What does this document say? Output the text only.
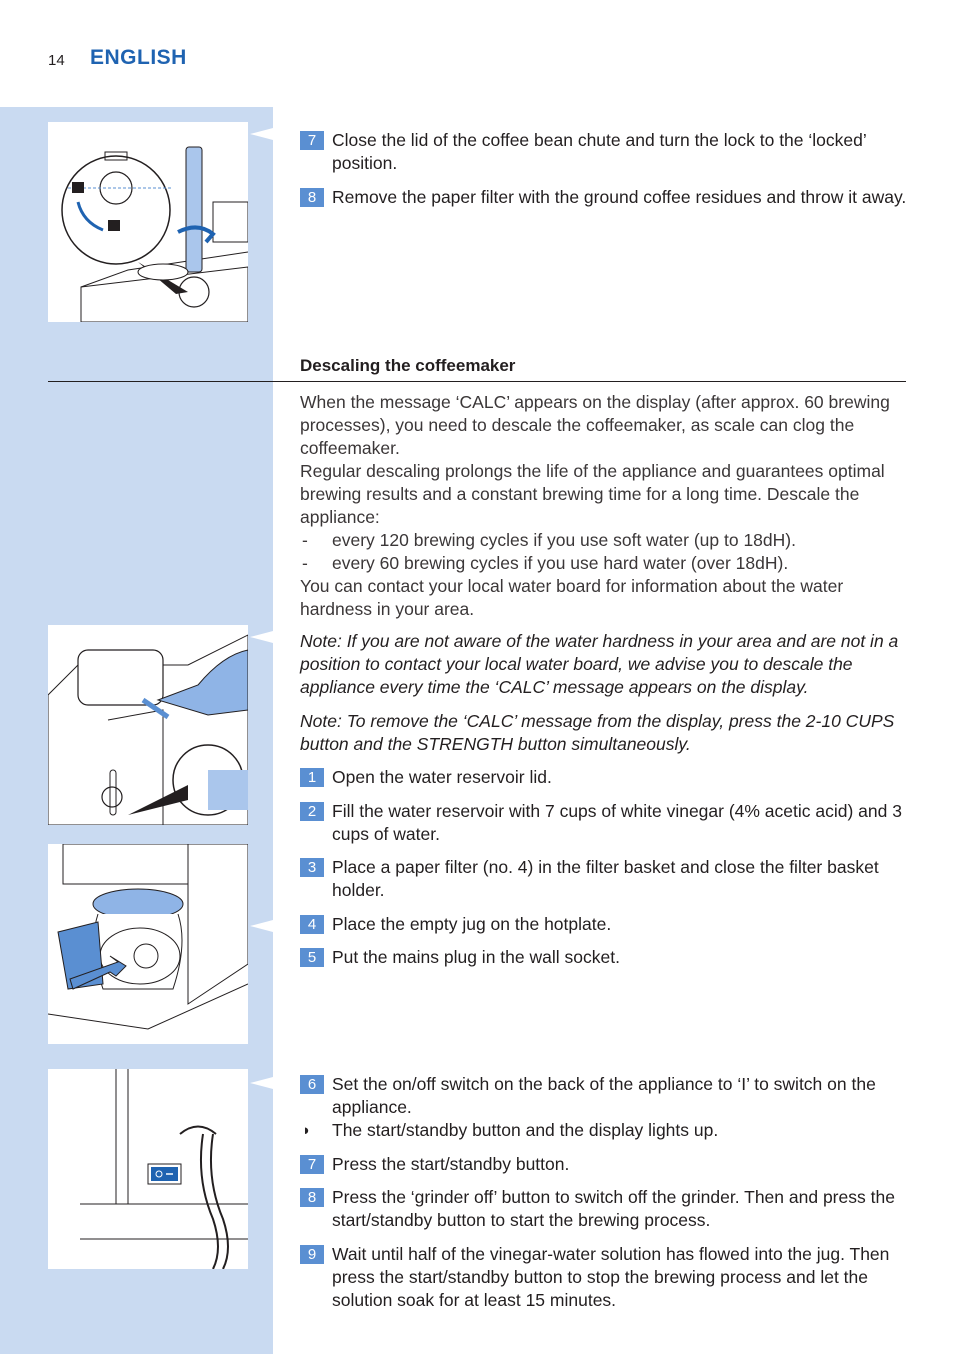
14 ENGLISH
7 Close the lid of the coffee bean chute and turn the lock to the ‘locked’ position.
8 Remove the paper filter with the ground coffee residues and throw it away.
Descaling the coffeemaker
When the message ‘CALC’ appears on the display (after approx. 60 brewing processes), you need to descale the coffeemaker, as scale can clog the coffeemaker.
Regular descaling prolongs the life of the appliance and guarantees optimal brewing results and a constant brewing time for a long time. Descale the appliance:
- every 120 brewing cycles if you use soft water (up to 18dH).
- every 60 brewing cycles if you use hard water (over 18dH).
You can contact your local water board for information about the water hardness in your area.
Note: If you are not aware of the water hardness in your area and are not in a position to contact your local water board, we advise you to descale the appliance every time the ‘CALC’ message appears on the display.
Note: To remove the ‘CALC’ message from the display, press the 2-10 CUPS button and the STRENGTH button simultaneously.
1 Open the water reservoir lid.
2 Fill the water reservoir with 7 cups of white vinegar (4% acetic acid) and 3 cups of water.
3 Place a paper filter (no. 4) in the filter basket and close the filter basket holder.
4 Place the empty jug on the hotplate.
5 Put the mains plug in the wall socket.
6 Set the on/off switch on the back of the appliance to ‘I’ to switch on the appliance.
◗ The start/standby button and the display lights up.
7 Press the start/standby button.
8 Press the ‘grinder off’ button to switch off the grinder. Then and press the start/standby button to start the brewing process.
9 Wait until half of the vinegar-water solution has flowed into the jug. Then press the start/standby button to stop the brewing process and let the solution soak for at least 15 minutes.
